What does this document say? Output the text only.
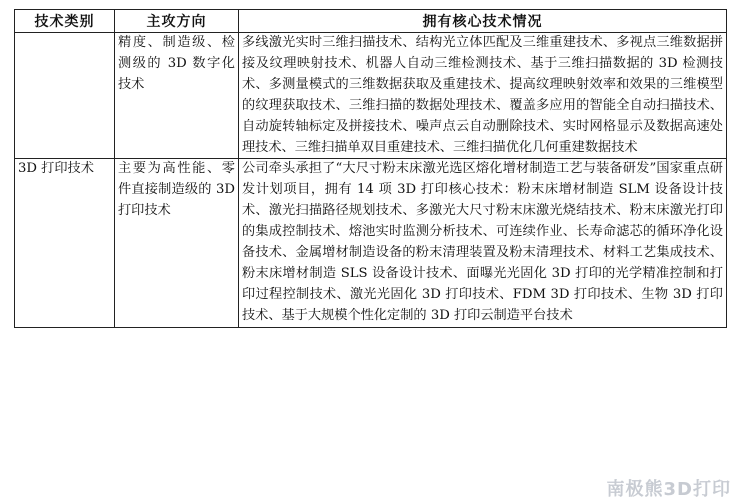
技术类别	主攻方向	拥有核心技术情况

	精度、制造级、检测级的 3D 数字化技术	多线激光实时三维扫描技术、结构光立体匹配及三维重建技术、多视点三维数据拼接及纹理映射技术、机器人自动三维检测技术、基于三维扫描数据的 3D 检测技术、多测量模式的三维数据获取及重建技术、提高纹理映射效率和效果的三维模型的纹理获取技术、三维扫描的数据处理技术、覆盖多应用的智能全自动扫描技术、自动旋转轴标定及拼接技术、噪声点云自动删除技术、实时网格显示及数据高速处理技术、三维扫描单双目重建技术、三维扫描优化几何重建数据技术

3D 打印技术	主要为高性能、零件直接制造级的 3D 打印技术	公司牵头承担了“大尺寸粉末床激光选区熔化增材制造工艺与装备研发”国家重点研发计划项目，拥有 14 项 3D 打印核心技术：粉末床增材制造 SLM 设备设计技术、激光扫描路径规划技术、多激光大尺寸粉末床激光烧结技术、粉末床激光打印的集成控制技术、熔池实时监测分析技术、可连续作业、长寿命滤芯的循环净化设备技术、金属增材制造设备的粉末清理装置及粉末清理技术、材料工艺集成技术、粉末床增材制造 SLS 设备设计技术、面曝光光固化 3D 打印的光学精准控制和打印过程控制技术、激光光固化 3D 打印技术、FDM 3D 打印技术、生物 3D 打印技术、基于大规模个性化定制的 3D 打印云制造平台技术
南极熊3D打印
